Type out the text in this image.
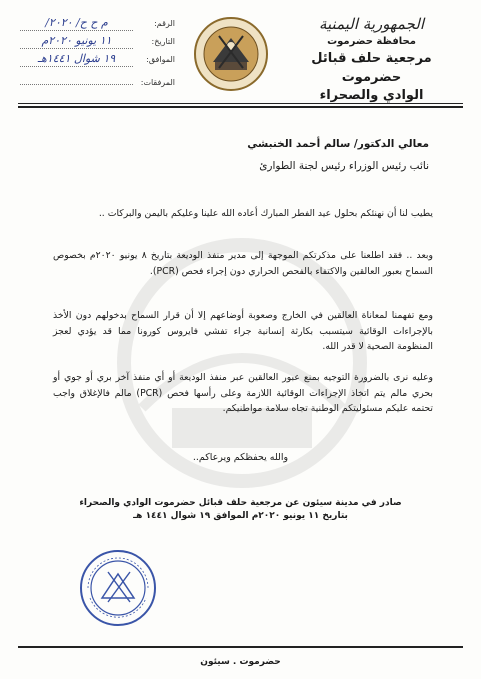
الجمهورية اليمنية
محافظة حضرموت
مرجعية حلف قبائل حضرموت
الوادي والصحراء
الرقم:
م ح ح/ ٢٠٢٠/
التاريخ:
١١ يونيو ٢٠٢٠م
الموافق:
١٩ شوال ١٤٤١هـ
المرفقات:
معالي الدكتور/ سالم أحمد الخنبشي
نائب رئيس الوزراء رئيس لجنة الطوارئ
يطيب لنا أن نهنئكم بحلول عيد الفطر المبارك أعاده الله علينا وعليكم باليمن والبركات ..
وبعد .. فقد اطلعنا على مذكرتكم الموجهة إلى مدير منفذ الوديعة بتاريخ ٨ يونيو ٢٠٢٠م بخصوص السماح بعبور العالقين والاكتفاء بالفحص الحراري دون إجراء فحص (PCR).
ومع تفهمنا لمعاناة العالقين في الخارج وصعوبة أوضاعهم إلا أن قرار السماح بدخولهم دون الأخذ بالإجراءات الوقائية سيتسبب بكارثة إنسانية جراء تفشي فايروس كورونا مما قد يؤدي لعجز المنظومة الصحية لا قدر الله.
وعليه نرى بالضرورة التوجيه بمنع عبور العالقين عبر منفذ الوديعة أو أي منفذ آخر بري أو جوي أو بحري مالم يتم اتخاذ الإجراءات الوقائية اللازمة وعلى رأسها فحص (PCR) مالم فالإغلاق واجب تحتمه عليكم مسئوليتكم الوطنية تجاه سلامة مواطنيكم.
والله يحفظكم ويرعاكم..
صادر في مدينة سيئون عن مرجعية حلف قبائل حضرموت الوادي والصحراء
بتاريخ ١١ يونيو ٢٠٢٠م الموافق ١٩ شوال ١٤٤١ هـ
حضرموت . سيئون
